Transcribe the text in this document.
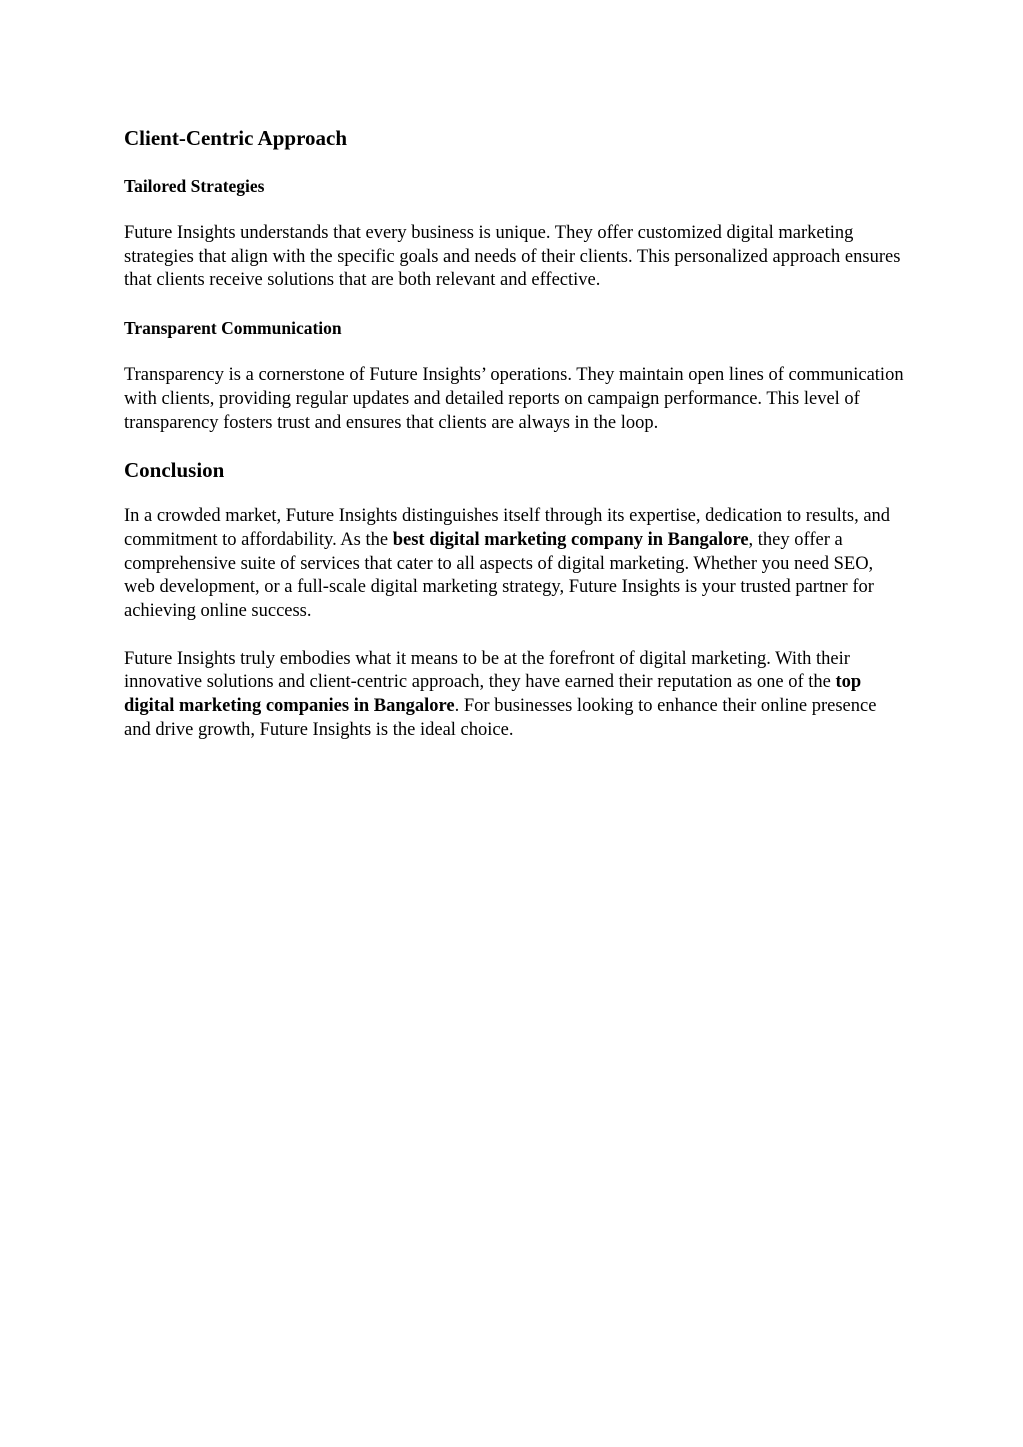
Client-Centric Approach
Tailored Strategies

Future Insights understands that every business is unique. They offer customized digital marketing strategies that align with the specific goals and needs of their clients. This personalized approach ensures that clients receive solutions that are both relevant and effective.

Transparent Communication

Transparency is a cornerstone of Future Insights’ operations. They maintain open lines of communication with clients, providing regular updates and detailed reports on campaign performance. This level of transparency fosters trust and ensures that clients are always in the loop.

Conclusion

In a crowded market, Future Insights distinguishes itself through its expertise, dedication to results, and commitment to affordability. As the best digital marketing company in Bangalore, they offer a comprehensive suite of services that cater to all aspects of digital marketing. Whether you need SEO, web development, or a full-scale digital marketing strategy, Future Insights is your trusted partner for achieving online success.

Future Insights truly embodies what it means to be at the forefront of digital marketing. With their innovative solutions and client-centric approach, they have earned their reputation as one of the top digital marketing companies in Bangalore. For businesses looking to enhance their online presence and drive growth, Future Insights is the ideal choice.
